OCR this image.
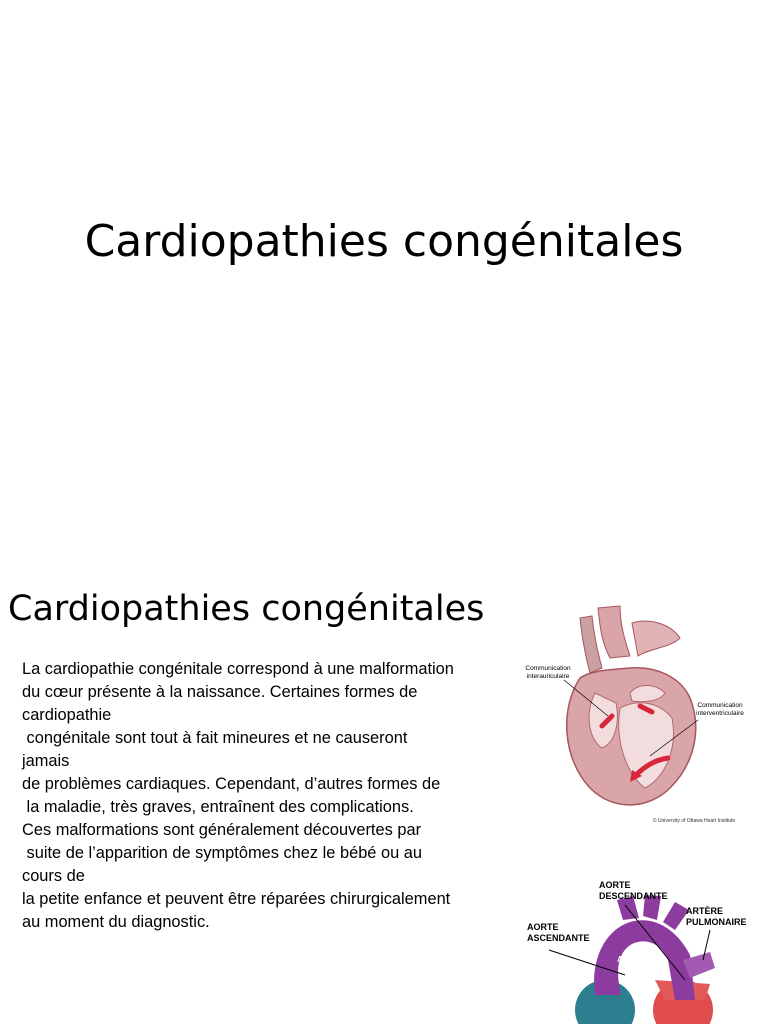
Cardiopathies congénitales
Cardiopathies congénitales
La cardiopathie congénitale correspond à une malformation
du cœur présente à la naissance. Certaines formes de
cardiopathie
congénitale sont tout à fait mineures et ne causeront
jamais
de problèmes cardiaques. Cependant, d’autres formes de
la maladie, très graves, entraînent des complications.
Ces malformations sont généralement découvertes par
suite de l’apparition de symptômes chez le bébé ou au
cours de
la petite enfance et peuvent être réparées chirurgicalement
au moment du diagnostic.
Communication
interauriculaire
Communication
interventriculaire
© University of Ottawa Heart Institute
AORTE
DESCENDANTE
AORTE
ASCENDANTE
ARTÈRE
PULMONAIRE
AORTE
